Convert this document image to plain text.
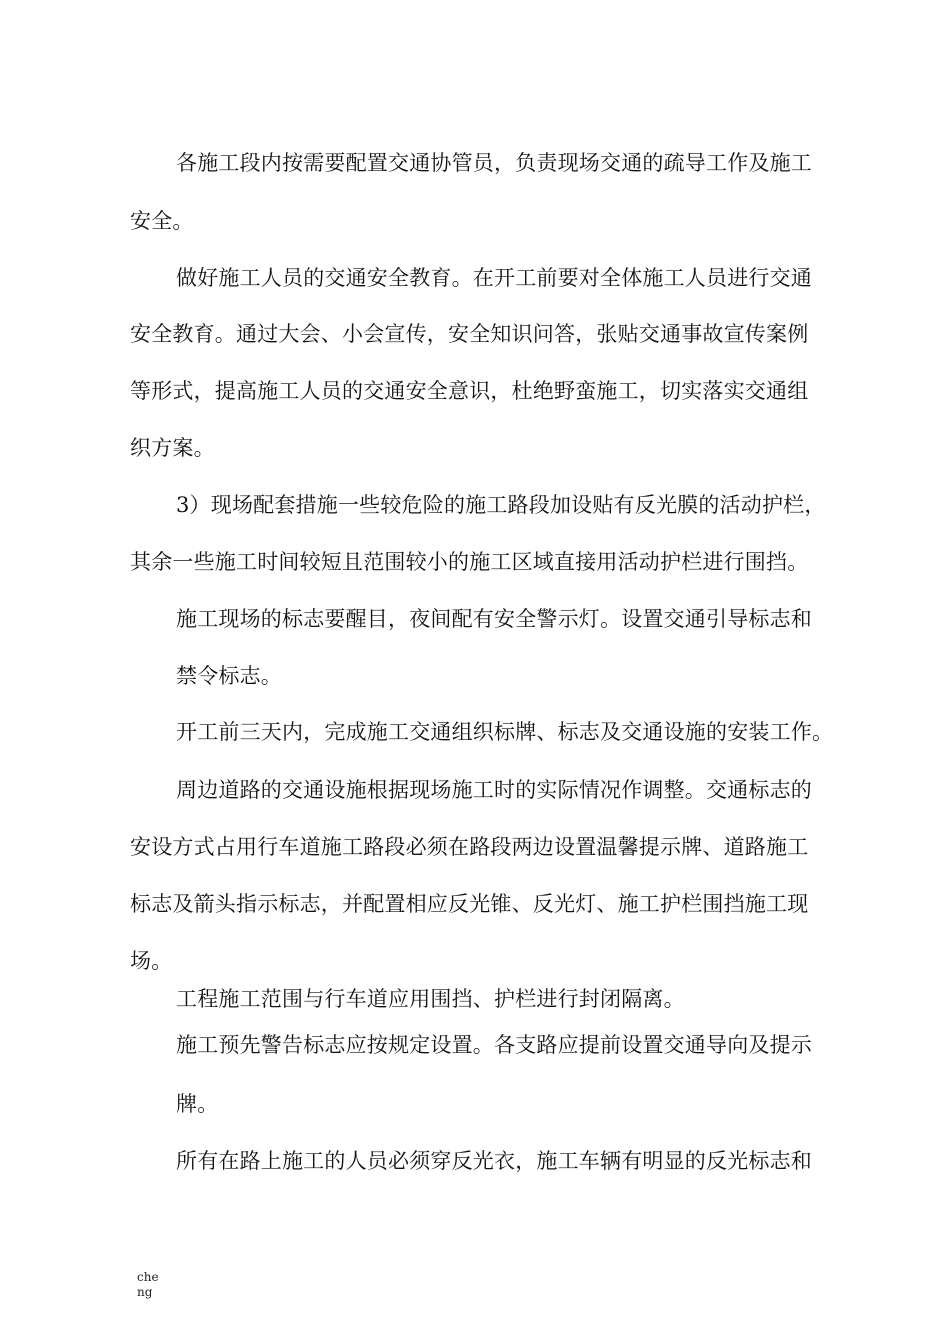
各施工段内按需要配置交通协管员，负责现场交通的疏导工作及施工
安全。
做好施工人员的交通安全教育。在开工前要对全体施工人员进行交通
安全教育。通过大会、小会宣传，安全知识问答，张贴交通事故宣传案例
等形式，提高施工人员的交通安全意识，杜绝野蛮施工，切实落实交通组
织方案。
3）现场配套措施一些较危险的施工路段加设贴有反光膜的活动护栏，
其余一些施工时间较短且范围较小的施工区域直接用活动护栏进行围挡。
施工现场的标志要醒目，夜间配有安全警示灯。设置交通引导标志和
禁令标志。
开工前三天内，完成施工交通组织标牌、标志及交通设施的安装工作。
周边道路的交通设施根据现场施工时的实际情况作调整。交通标志的
安设方式占用行车道施工路段必须在路段两边设置温馨提示牌、道路施工
标志及箭头指示标志，并配置相应反光锥、反光灯、施工护栏围挡施工现
场。
工程施工范围与行车道应用围挡、护栏进行封闭隔离。
施工预先警告标志应按规定设置。各支路应提前设置交通导向及提示
牌。
所有在路上施工的人员必须穿反光衣，施工车辆有明显的反光标志和
che
ng
